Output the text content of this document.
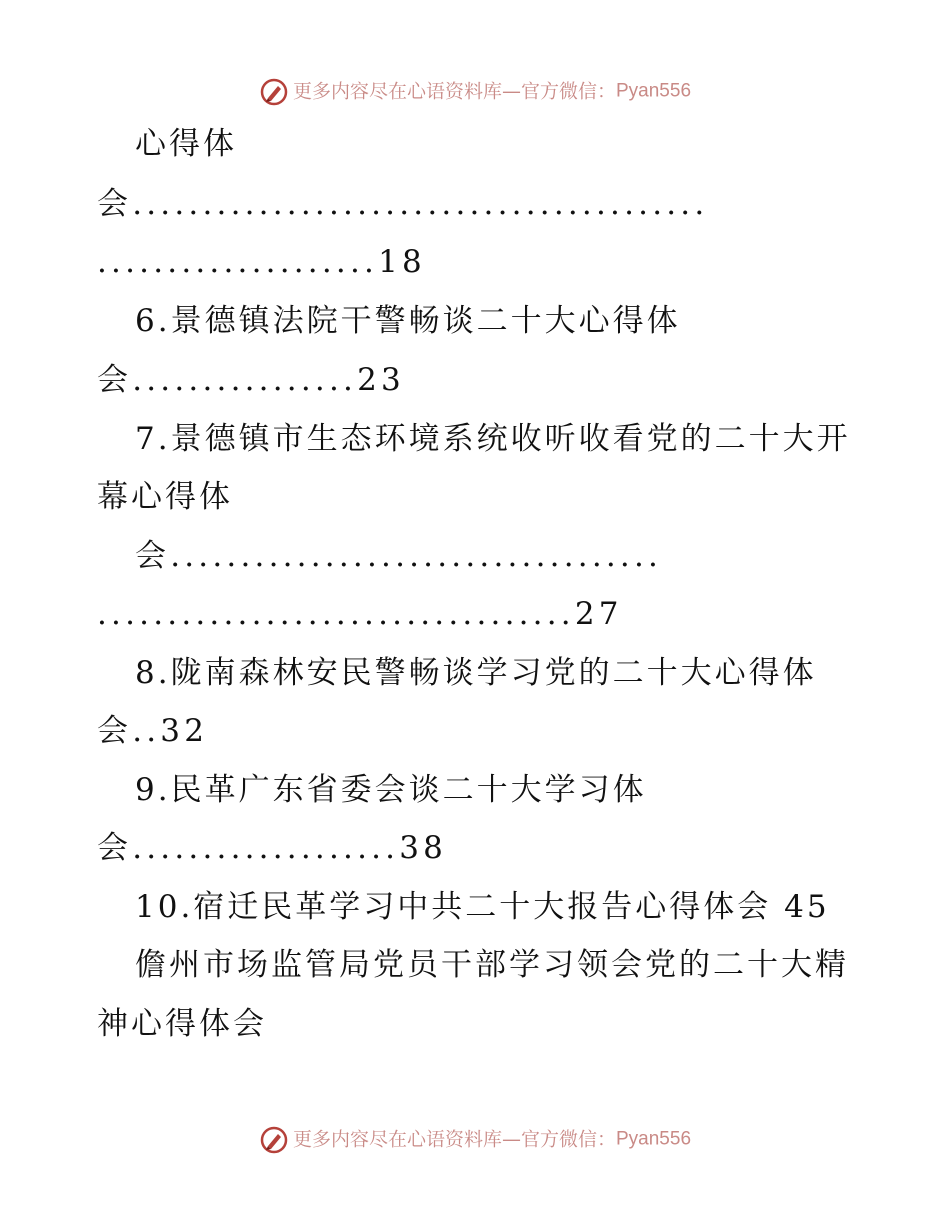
更多内容尽在心语资料库—官方微信：Pyan556
心得体
会.........................................
....................18
6.景德镇法院干警畅谈二十大心得体
会................23
7.景德镇市生态环境系统收听收看党的二十大开
幕心得体
会...................................
..................................27
8.陇南森林安民警畅谈学习党的二十大心得体
会..32
9.民革广东省委会谈二十大学习体
会...................38
10.宿迁民革学习中共二十大报告心得体会 45
儋州市场监管局党员干部学习领会党的二十大精
神心得体会
更多内容尽在心语资料库—官方微信：Pyan556
